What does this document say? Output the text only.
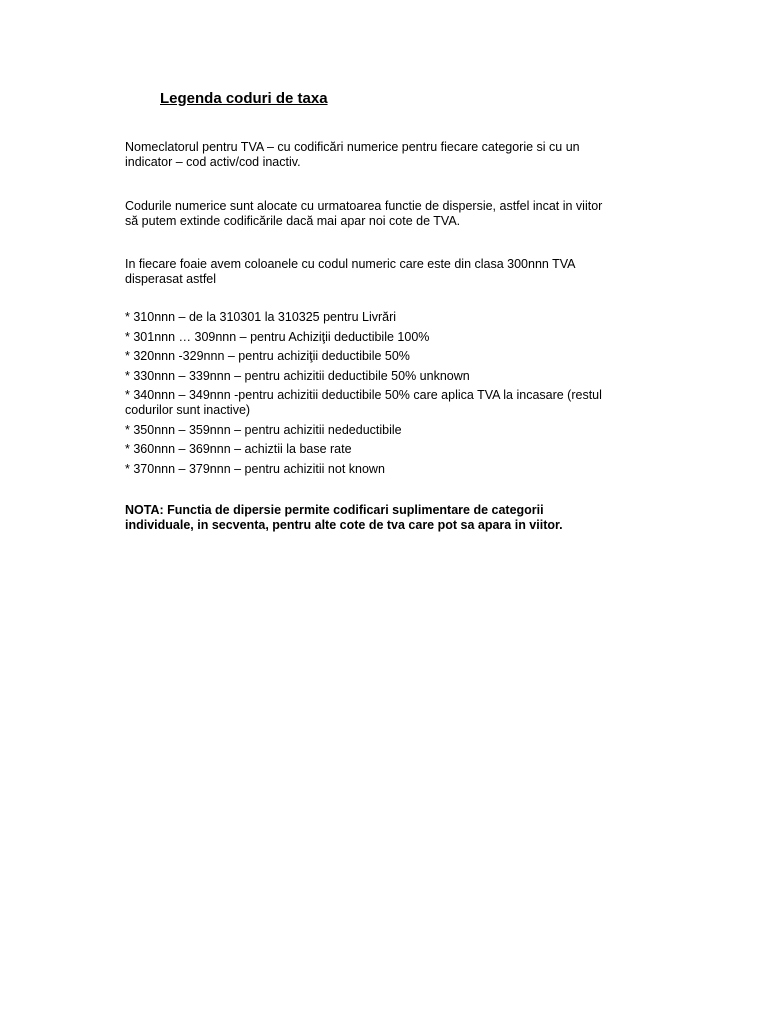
Legenda coduri de taxa

Nomeclatorul pentru TVA – cu codificări numerice pentru fiecare categorie si cu un indicator – cod activ/cod inactiv.

Codurile numerice sunt alocate cu urmatoarea functie de dispersie, astfel incat in viitor să putem extinde codificările dacă mai apar noi cote de TVA.

In fiecare foaie avem coloanele cu codul numeric care este din clasa 300nnn TVA disperasat astfel

* 310nnn – de la 310301 la 310325 pentru Livrări
* 301nnn … 309nnn – pentru Achiziţii deductibile 100%
* 320nnn -329nnn – pentru achiziţii deductibile 50%
* 330nnn – 339nnn – pentru achizitii deductibile 50% unknown
* 340nnn – 349nnn -pentru achizitii deductibile 50% care aplica TVA la incasare (restul codurilor sunt inactive)
* 350nnn – 359nnn – pentru achizitii nedeductibile
* 360nnn – 369nnn – achiztii la base rate
* 370nnn – 379nnn – pentru achizitii not known

NOTA: Functia de dipersie permite codificari suplimentare de categorii individuale, in secventa, pentru alte cote de tva care pot sa apara in viitor.
